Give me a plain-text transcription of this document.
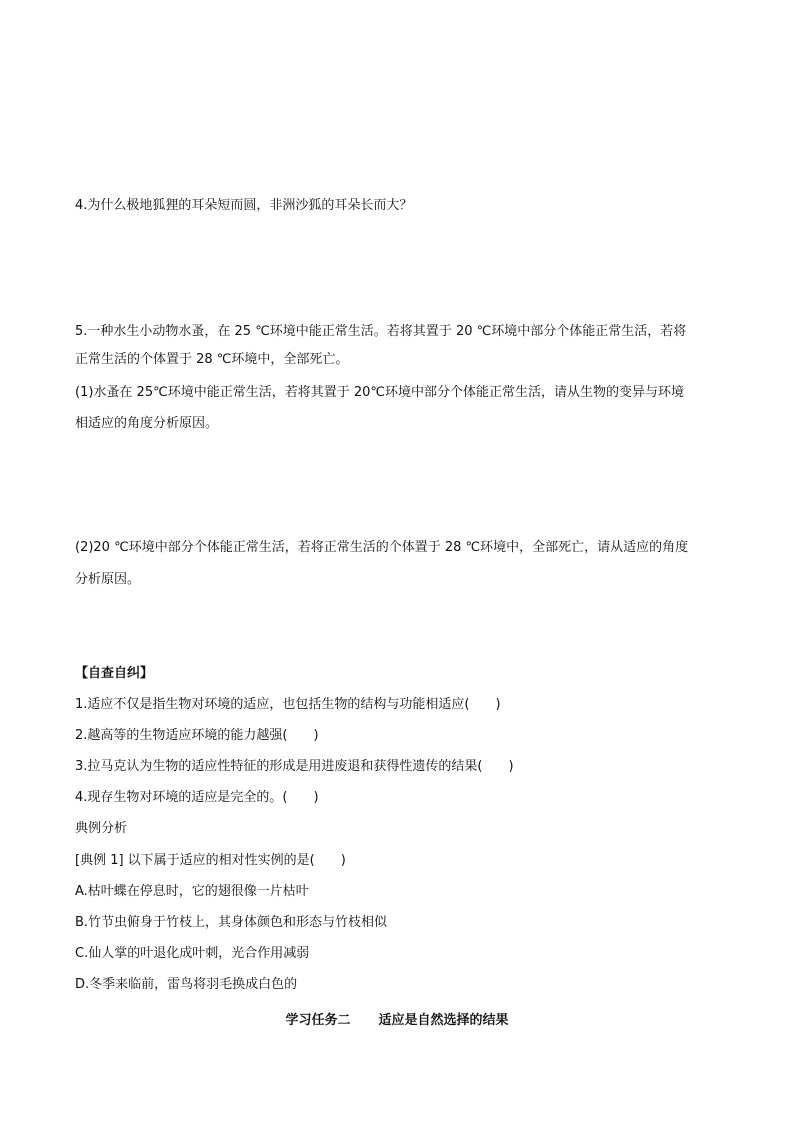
4.为什么极地狐狸的耳朵短而圆，非洲沙狐的耳朵长而大？
5.一种水生小动物水蚤，在 25 ℃环境中能正常生活。若将其置于 20 ℃环境中部分个体能正常生活，若将
正常生活的个体置于 28 ℃环境中，全部死亡。
(1)水蚤在 25℃环境中能正常生活，若将其置于 20℃环境中部分个体能正常生活，请从生物的变异与环境
相适应的角度分析原因。
(2)20 ℃环境中部分个体能正常生活，若将正常生活的个体置于 28 ℃环境中，全部死亡，请从适应的角度
分析原因。
【自查自纠】
1.适应不仅是指生物对环境的适应，也包括生物的结构与功能相适应(　　)
2.越高等的生物适应环境的能力越强(　　)
3.拉马克认为生物的适应性特征的形成是用进废退和获得性遗传的结果(　　)
4.现存生物对环境的适应是完全的。(　　)
典例分析
[典例 1] 以下属于适应的相对性实例的是(　　)
A.枯叶蝶在停息时，它的翅很像一片枯叶
B.竹节虫俯身于竹枝上，其身体颜色和形态与竹枝相似
C.仙人掌的叶退化成叶刺，光合作用减弱
D.冬季来临前，雷鸟将羽毛换成白色的
学习任务二 适应是自然选择的结果
